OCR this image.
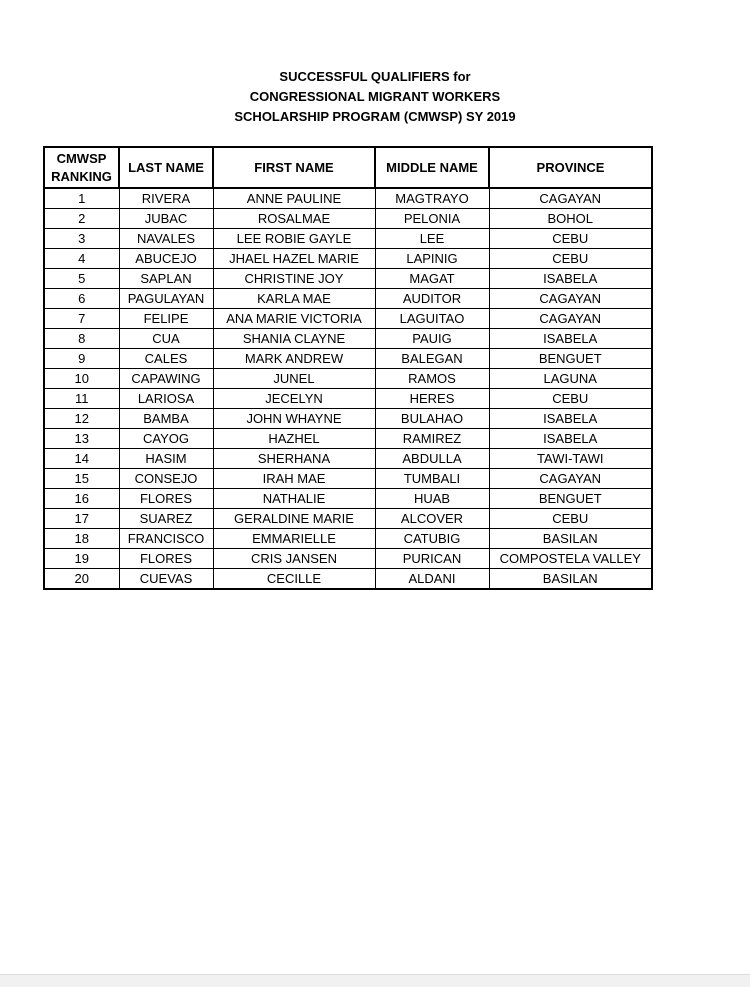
SUCCESSFUL QUALIFIERS for
CONGRESSIONAL MIGRANT WORKERS
SCHOLARSHIP PROGRAM (CMWSP) SY 2019
CMWSP
RANKING	LAST NAME	FIRST NAME	MIDDLE NAME	PROVINCE
1	RIVERA	ANNE PAULINE	MAGTRAYO	CAGAYAN
2	JUBAC	ROSALMAE	PELONIA	BOHOL
3	NAVALES	LEE ROBIE GAYLE	LEE	CEBU
4	ABUCEJO	JHAEL HAZEL MARIE	LAPINIG	CEBU
5	SAPLAN	CHRISTINE JOY	MAGAT	ISABELA
6	PAGULAYAN	KARLA MAE	AUDITOR	CAGAYAN
7	FELIPE	ANA MARIE VICTORIA	LAGUITAO	CAGAYAN
8	CUA	SHANIA CLAYNE	PAUIG	ISABELA
9	CALES	MARK ANDREW	BALEGAN	BENGUET
10	CAPAWING	JUNEL	RAMOS	LAGUNA
11	LARIOSA	JECELYN	HERES	CEBU
12	BAMBA	JOHN WHAYNE	BULAHAO	ISABELA
13	CAYOG	HAZHEL	RAMIREZ	ISABELA
14	HASIM	SHERHANA	ABDULLA	TAWI-TAWI
15	CONSEJO	IRAH MAE	TUMBALI	CAGAYAN
16	FLORES	NATHALIE	HUAB	BENGUET
17	SUAREZ	GERALDINE MARIE	ALCOVER	CEBU
18	FRANCISCO	EMMARIELLE	CATUBIG	BASILAN
19	FLORES	CRIS JANSEN	PURICAN	COMPOSTELA VALLEY
20	CUEVAS	CECILLE	ALDANI	BASILAN
